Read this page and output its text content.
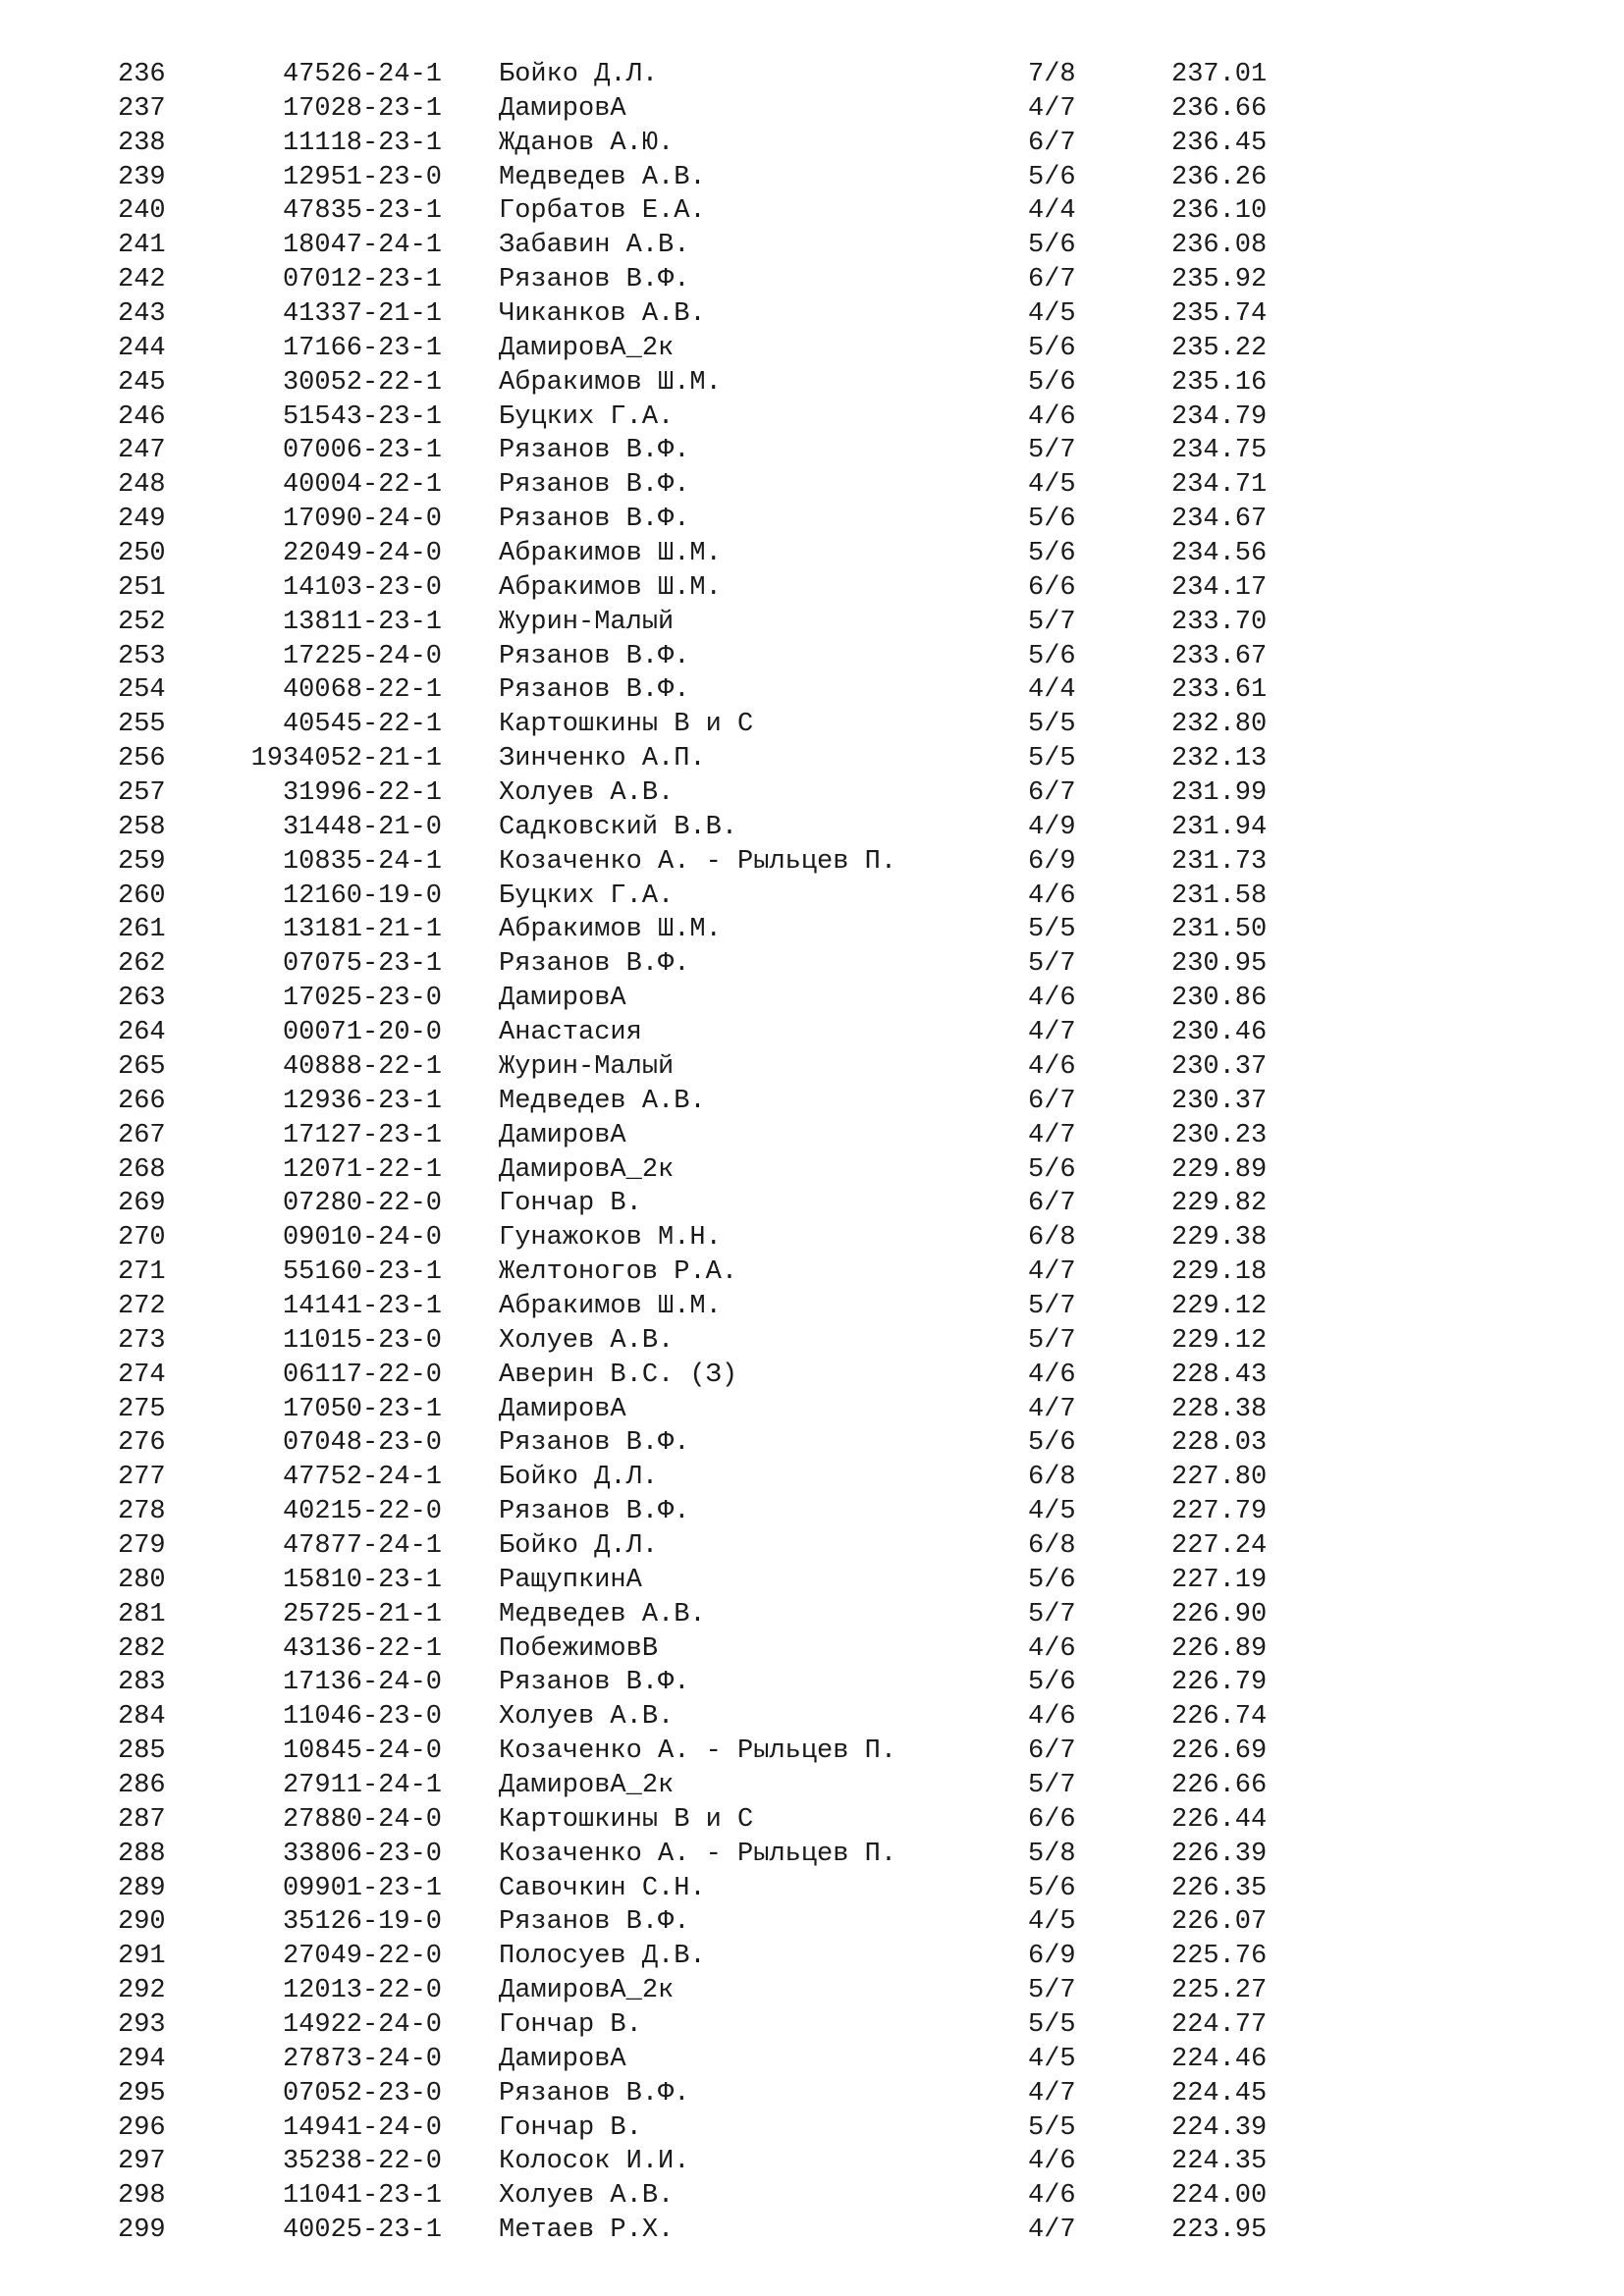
236	47526-24-1 Бойко Д.Л.	7/8	237.01
237	17028-23-1 ДамировA	4/7	236.66
238	11118-23-1 Жданов А.Ю.	6/7	236.45
239	12951-23-0 Медведев А.В.	5/6	236.26
240	47835-23-1 Горбатов Е.А.	4/4	236.10
241	18047-24-1 Забавин А.В.	5/6	236.08
242	07012-23-1 Рязанов В.Ф.	6/7	235.92
243	41337-21-1 Чиканков А.В.	4/5	235.74
244	17166-23-1 ДамировA_2к	5/6	235.22
245	30052-22-1 Абракимов Ш.М.	5/6	235.16
246	51543-23-1 Буцких Г.А.	4/6	234.79
247	07006-23-1 Рязанов В.Ф.	5/7	234.75
248	40004-22-1 Рязанов В.Ф.	4/5	234.71
249	17090-24-0 Рязанов В.Ф.	5/6	234.67
250	22049-24-0 Абракимов Ш.М.	5/6	234.56
251	14103-23-0 Абракимов Ш.М.	6/6	234.17
252	13811-23-1 Журин-Малый	5/7	233.70
253	17225-24-0 Рязанов В.Ф.	5/6	233.67
254	40068-22-1 Рязанов В.Ф.	4/4	233.61
255	40545-22-1 Картошкины В и С	5/5	232.80
256	1934052-21-1 Зинченко А.П.	5/5	232.13
257	31996-22-1 Холуев А.В.	6/7	231.99
258	31448-21-0 Садковский В.В.	4/9	231.94
259	10835-24-1 Козаченко А. - Рыльцев П.	6/9	231.73
260	12160-19-0 Буцких Г.А.	4/6	231.58
261	13181-21-1 Абракимов Ш.М.	5/5	231.50
262	07075-23-1 Рязанов В.Ф.	5/7	230.95
263	17025-23-0 ДамировA	4/6	230.86
264	00071-20-0 Анастасия	4/7	230.46
265	40888-22-1 Журин-Малый	4/6	230.37
266	12936-23-1 Медведев А.В.	6/7	230.37
267	17127-23-1 ДамировA	4/7	230.23
268	12071-22-1 ДамировA_2к	5/6	229.89
269	07280-22-0 Гончар В.	6/7	229.82
270	09010-24-0 Гунажоков М.Н.	6/8	229.38
271	55160-23-1 Желтоногов Р.А.	4/7	229.18
272	14141-23-1 Абракимов Ш.М.	5/7	229.12
273	11015-23-0 Холуев А.В.	5/7	229.12
274	06117-22-0 Аверин В.С. (З)	4/6	228.43
275	17050-23-1 ДамировA	4/7	228.38
276	07048-23-0 Рязанов В.Ф.	5/6	228.03
277	47752-24-1 Бойко Д.Л.	6/8	227.80
278	40215-22-0 Рязанов В.Ф.	4/5	227.79
279	47877-24-1 Бойко Д.Л.	6/8	227.24
280	15810-23-1 РащупкинА	5/6	227.19
281	25725-21-1 Медведев А.В.	5/7	226.90
282	43136-22-1 ПобежимовВ	4/6	226.89
283	17136-24-0 Рязанов В.Ф.	5/6	226.79
284	11046-23-0 Холуев А.В.	4/6	226.74
285	10845-24-0 Козаченко А. - Рыльцев П.	6/7	226.69
286	27911-24-1 ДамировA_2к	5/7	226.66
287	27880-24-0 Картошкины В и С	6/6	226.44
288	33806-23-0 Козаченко А. - Рыльцев П.	5/8	226.39
289	09901-23-1 Савочкин С.Н.	5/6	226.35
290	35126-19-0 Рязанов В.Ф.	4/5	226.07
291	27049-22-0 Полосуев Д.В.	6/9	225.76
292	12013-22-0 ДамировA_2к	5/7	225.27
293	14922-24-0 Гончар В.	5/5	224.77
294	27873-24-0 ДамировA	4/5	224.46
295	07052-23-0 Рязанов В.Ф.	4/7	224.45
296	14941-24-0 Гончар В.	5/5	224.39
297	35238-22-0 Колосок И.И.	4/6	224.35
298	11041-23-1 Холуев А.В.	4/6	224.00
299	40025-23-1 Метаев Р.Х.	4/7	223.95
